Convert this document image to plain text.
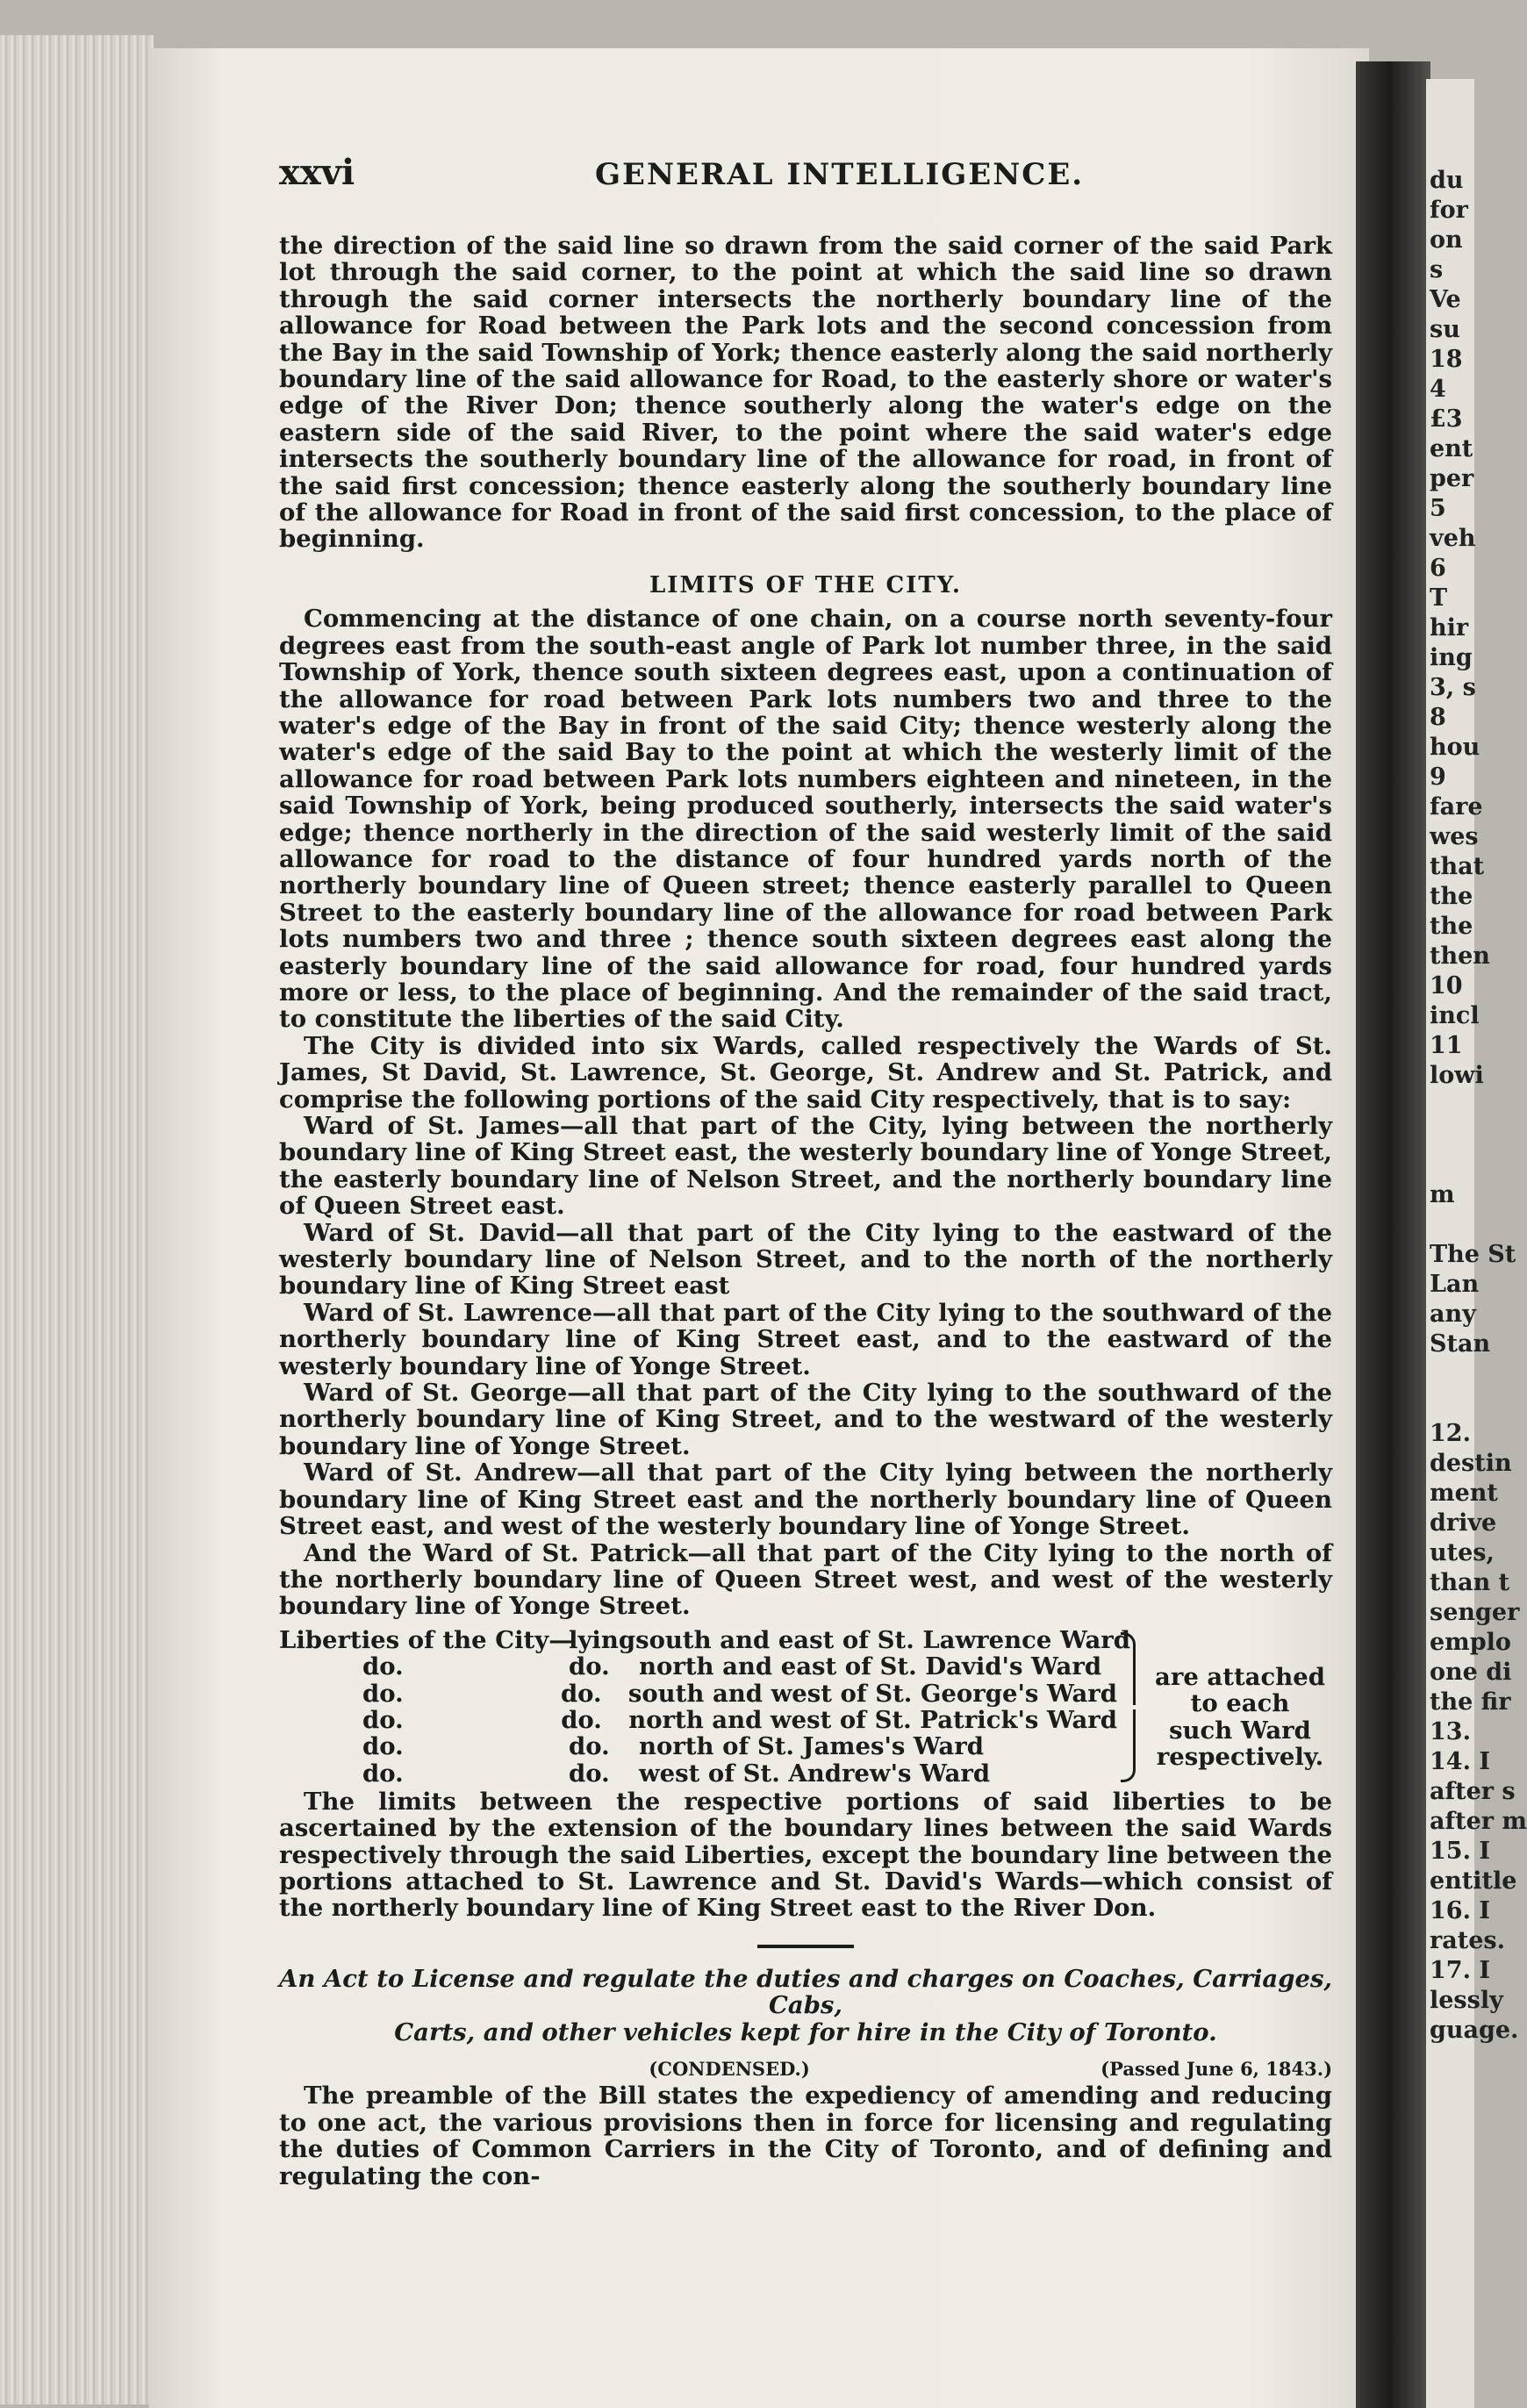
xxvi	GENERAL INTELLIGENCE.

the direction of the said line so drawn from the said corner of the said Park lot through the said corner, to the point at which the said line so drawn through the said corner intersects the northerly boundary line of the allowance for Road between the Park lots and the second concession from the Bay in the said Township of York; thence easterly along the said northerly boundary line of the said allowance for Road, to the easterly shore or water's edge of the River Don; thence southerly along the water's edge on the eastern side of the said River, to the point where the said water's edge intersects the southerly boundary line of the allowance for road, in front of the said first concession; thence easterly along the southerly boundary line of the allowance for Road in front of the said first concession, to the place of beginning.

LIMITS OF THE CITY.

Commencing at the distance of one chain, on a course north seventy-four degrees east from the south-east angle of Park lot number three, in the said Township of York, thence south sixteen degrees east, upon a continuation of the allowance for road between Park lots numbers two and three to the water's edge of the Bay in front of the said City; thence westerly along the water's edge of the said Bay to the point at which the westerly limit of the allowance for road between Park lots numbers eighteen and nineteen, in the said Township of York, being produced southerly, intersects the said water's edge; thence northerly in the direction of the said westerly limit of the said allowance for road to the distance of four hundred yards north of the northerly boundary line of Queen street; thence easterly parallel to Queen Street to the easterly boundary line of the allowance for road between Park lots numbers two and three ; thence south sixteen degrees east along the easterly boundary line of the said allowance for road, four hundred yards more or less, to the place of beginning. And the remainder of the said tract, to constitute the liberties of the said City.

The City is divided into six Wards, called respectively the Wards of St. James, St David, St. Lawrence, St. George, St. Andrew and St. Patrick, and comprise the following portions of the said City respectively, that is to say:

Ward of St. James—all that part of the City, lying between the northerly boundary line of King Street east, the westerly boundary line of Yonge Street, the easterly boundary line of Nelson Street, and the northerly boundary line of Queen Street east.

Ward of St. David—all that part of the City lying to the eastward of the westerly boundary line of Nelson Street, and to the north of the northerly boundary line of King Street east

Ward of St. Lawrence—all that part of the City lying to the southward of the northerly boundary line of King Street east, and to the eastward of the westerly boundary line of Yonge Street.

Ward of St. George—all that part of the City lying to the southward of the northerly boundary line of King Street, and to the westward of the westerly boundary line of Yonge Street.

Ward of St. Andrew—all that part of the City lying between the northerly boundary line of King Street east and the northerly boundary line of Queen Street east, and west of the westerly boundary line of Yonge Street.

And the Ward of St. Patrick—all that part of the City lying to the north of the northerly boundary line of Queen Street west, and west of the westerly boundary line of Yonge Street.

Liberties of the City—
lying south and east of St. Lawrence Ward
do.	do.	north and east of St. David's Ward
do.	do.	south and west of St. George's Ward
do.	do.	north and west of St. Patrick's Ward
do.	do.	north of St. James's Ward
do.	do.	west of St. Andrew's Ward
are attached
to each
such Ward
respectively.

The limits between the respective portions of said liberties to be ascertained by the extension of the boundary lines between the said Wards respectively through the said Liberties, except the boundary line between the portions attached to St. Lawrence and St. David's Wards—which consist of the northerly boundary line of King Street east to the River Don.

An Act to License and regulate the duties and charges on Coaches, Carriages, Cabs,
Carts, and other vehicles kept for hire in the City of Toronto.
(CONDENSED.)	(Passed June 6, 1843.)

The preamble of the Bill states the expediency of amending and reducing to one act, the various provisions then in force for licensing and regulating the duties of Common Carriers in the City of Toronto, and of defining and regulating the con-

du
for
on
s
Ve
su
18
4
£3
ent
per
5
veh
6
T
hir
ing
3, s
8
hou
9
fare
wes
that
the
the
then
10
incl
11
lowi
m
The St
Lan
any
Stan
12.
destin
ment
drive
utes,
than t
senger
emplo
one di
the fir
13.
14. I
after s
after m
15. I
entitle
16. I
rates.
17. I
lessly
guage.
